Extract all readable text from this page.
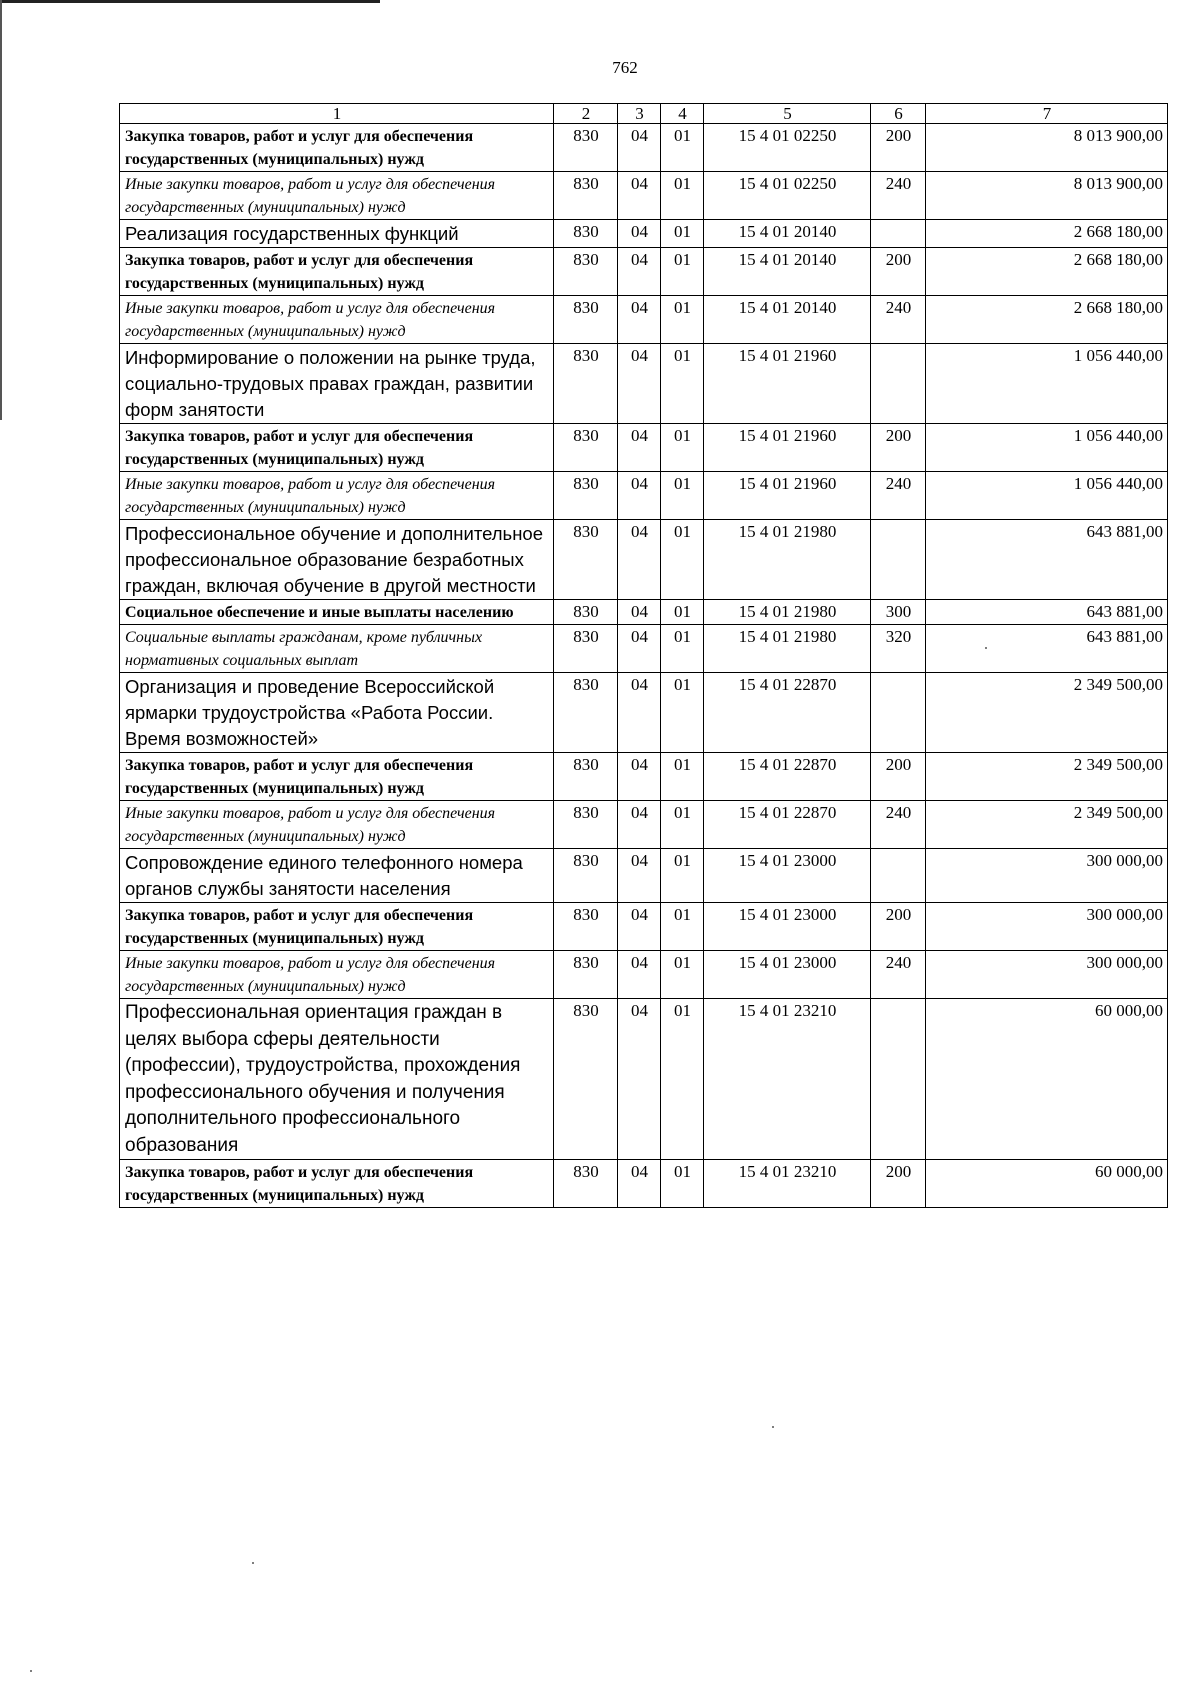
762
1	2	3	4	5	6	7
Закупка товаров, работ и услуг для обеспечения государственных (муниципальных) нужд	830	04	01	15 4 01 02250	200	8 013 900,00
Иные закупки товаров, работ и услуг для обеспечения государственных (муниципальных) нужд	830	04	01	15 4 01 02250	240	8 013 900,00
Реализация государственных функций	830	04	01	15 4 01 20140		2 668 180,00
Закупка товаров, работ и услуг для обеспечения государственных (муниципальных) нужд	830	04	01	15 4 01 20140	200	2 668 180,00
Иные закупки товаров, работ и услуг для обеспечения государственных (муниципальных) нужд	830	04	01	15 4 01 20140	240	2 668 180,00
Информирование о положении на рынке труда, социально-трудовых правах граждан, развитии форм занятости	830	04	01	15 4 01 21960		1 056 440,00
Закупка товаров, работ и услуг для обеспечения государственных (муниципальных) нужд	830	04	01	15 4 01 21960	200	1 056 440,00
Иные закупки товаров, работ и услуг для обеспечения государственных (муниципальных) нужд	830	04	01	15 4 01 21960	240	1 056 440,00
Профессиональное обучение и дополнительное профессиональное образование безработных граждан, включая обучение в другой местности	830	04	01	15 4 01 21980		643 881,00
Социальное обеспечение и иные выплаты населению	830	04	01	15 4 01 21980	300	643 881,00
Социальные выплаты гражданам, кроме публичных нормативных социальных выплат	830	04	01	15 4 01 21980	320	643 881,00
Организация и проведение Всероссийской ярмарки трудоустройства «Работа России. Время возможностей»	830	04	01	15 4 01 22870		2 349 500,00
Закупка товаров, работ и услуг для обеспечения государственных (муниципальных) нужд	830	04	01	15 4 01 22870	200	2 349 500,00
Иные закупки товаров, работ и услуг для обеспечения государственных (муниципальных) нужд	830	04	01	15 4 01 22870	240	2 349 500,00
Сопровождение единого телефонного номера органов службы занятости населения	830	04	01	15 4 01 23000		300 000,00
Закупка товаров, работ и услуг для обеспечения государственных (муниципальных) нужд	830	04	01	15 4 01 23000	200	300 000,00
Иные закупки товаров, работ и услуг для обеспечения государственных (муниципальных) нужд	830	04	01	15 4 01 23000	240	300 000,00
Профессиональная ориентация граждан в целях выбора сферы деятельности (профессии), трудоустройства, прохождения профессионального обучения и получения дополнительного профессионального образования	830	04	01	15 4 01 23210		60 000,00
Закупка товаров, работ и услуг для обеспечения государственных (муниципальных) нужд	830	04	01	15 4 01 23210	200	60 000,00
